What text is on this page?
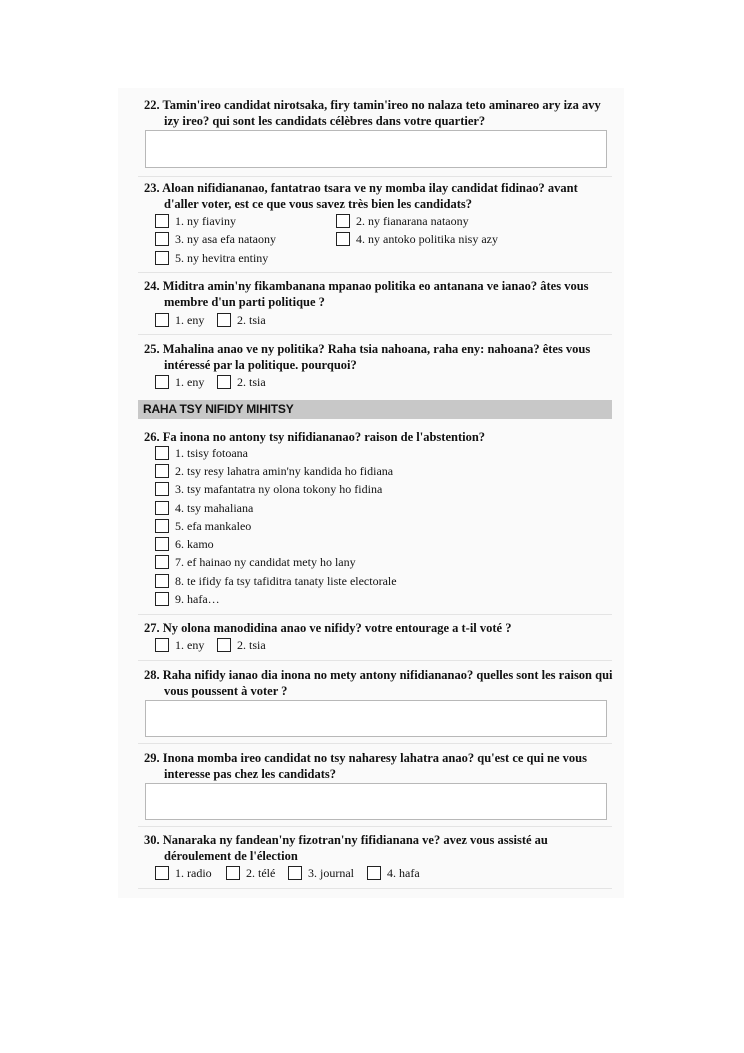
22. Tamin'ireo candidat nirotsaka, firy tamin'ireo no nalaza teto aminareo ary iza avy izy ireo? qui sont les candidats célèbres dans votre quartier?
23. Aloan nifidiananao, fantatrao tsara ve ny momba ilay candidat fidinao? avant d'aller voter, est ce que vous savez très bien les candidats?
1. ny fiaviny	2. ny fianarana nataony
3. ny asa efa nataony	4. ny antoko politika nisy azy
5. ny hevitra entiny
24. Miditra amin'ny fikambanana mpanao politika eo antanana ve ianao? âtes vous membre d'un parti politique ?
1. eny	2. tsia
25. Mahalina anao ve ny politika? Raha tsia nahoana, raha eny: nahoana? êtes vous intéressé par la politique. pourquoi?
1. eny	2. tsia
RAHA TSY NIFIDY MIHITSY
26. Fa inona no antony tsy nifidiananao? raison de l'abstention?
1. tsisy fotoana
2. tsy resy lahatra amin'ny kandida ho fidiana
3. tsy mafantatra ny olona tokony ho fidina
4. tsy mahaliana
5. efa mankaleo
6. kamo
7. ef hainao ny candidat mety ho lany
8. te ifidy fa tsy tafiditra tanaty liste electorale
9. hafa…
27. Ny olona manodidina anao ve nifidy? votre entourage a t-il voté ?
1. eny	2. tsia
28. Raha nifidy ianao dia inona no mety antony nifidiananao? quelles sont les raison qui vous poussent à voter ?
29. Inona momba ireo candidat no tsy naharesy lahatra anao? qu'est ce qui ne vous interesse pas chez les candidats?
30. Nanaraka ny fandean'ny fizotran'ny fifidianana ve? avez vous assisté au déroulement de l'élection
1. radio	2. télé	3. journal	4. hafa
